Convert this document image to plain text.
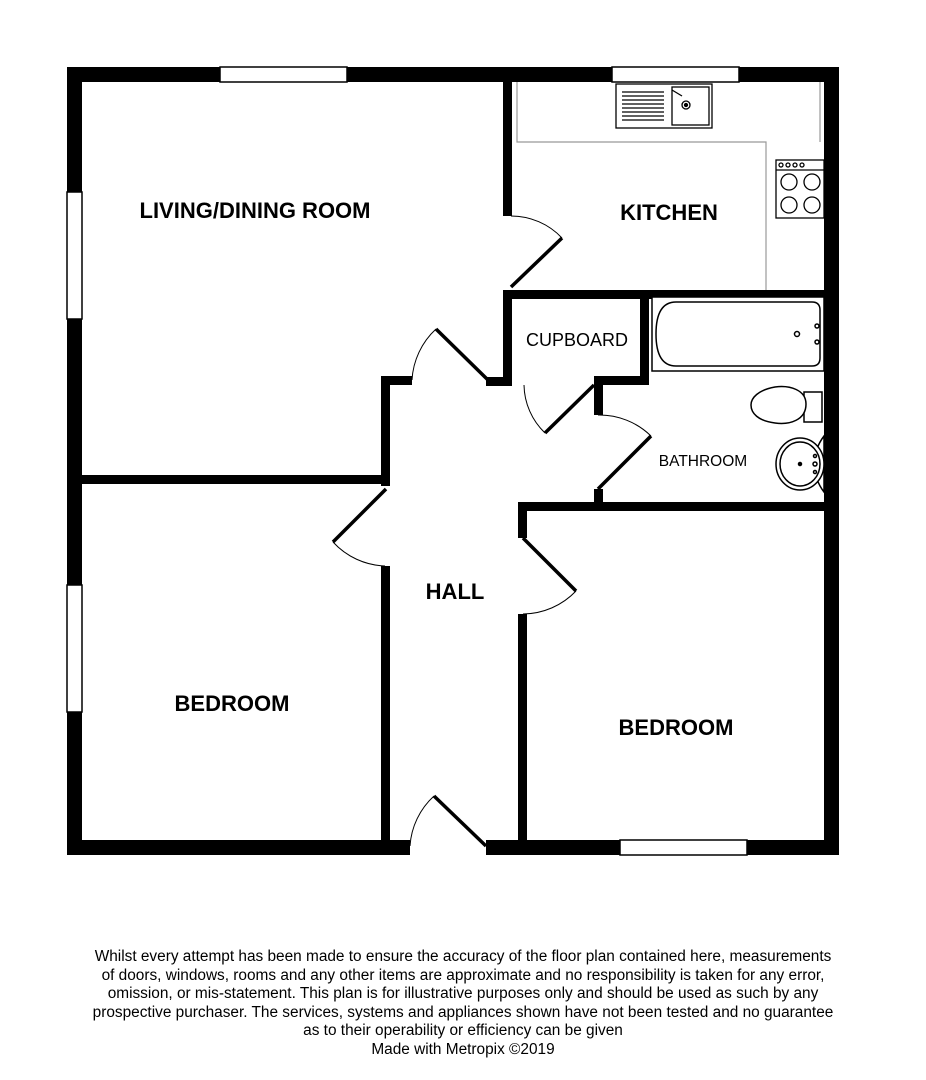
LIVING/DINING ROOM	KITCHEN
CUPBOARD
BATHROOM
HALL
BEDROOM
BEDROOM
Whilst every attempt has been made to ensure the accuracy of the floor plan contained here, measurements
of doors, windows, rooms and any other items are approximate and no responsibility is taken for any error,
omission, or mis-statement. This plan is for illustrative purposes only and should be used as such by any
prospective purchaser. The services, systems and appliances shown have not been tested and no guarantee
as to their operability or efficiency can be given
Made with Metropix ©2019
